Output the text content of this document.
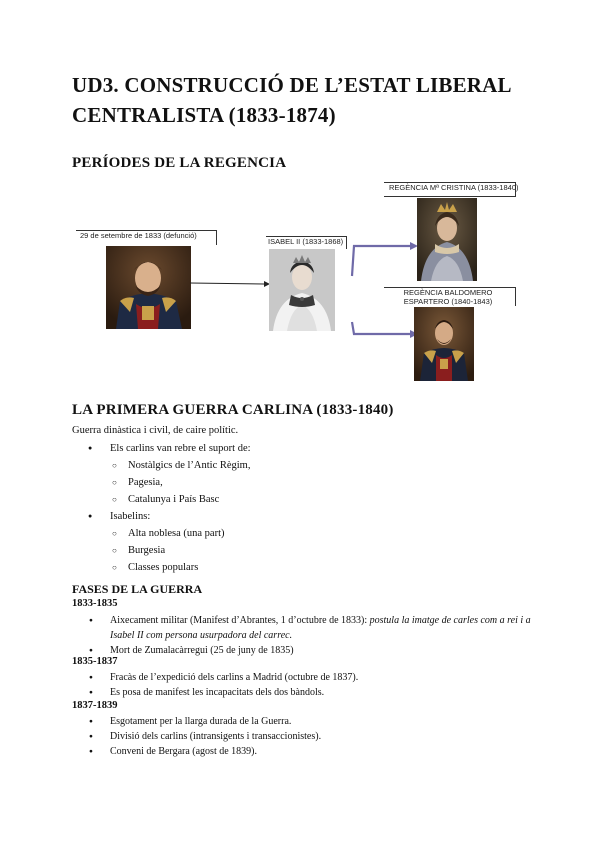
UD3. CONSTRUCCIÓ DE L’ESTAT LIBERAL CENTRALISTA (1833-1874)
PERÍODES DE LA REGENCIA
29 de setembre de 1833 (defunció)
ISABEL II (1833-1868)
REGÈNCIA Mª CRISTINA (1833-1840)
REGÈNCIA BALDOMERO ESPARTERO (1840-1843)
LA PRIMERA GUERRA CARLINA (1833-1840)
Guerra dinàstica i civil, de caire polític.
● Els carlins van rebre el suport de:
○ Nostàlgics de l’Antic Règim,
○ Pagesia,
○ Catalunya i País Basc
● Isabelins:
○ Alta noblesa (una part)
○ Burgesia
○ Classes populars
FASES DE LA GUERRA
1833-1835
● Aixecament militar (Manifest d’Abrantes, 1 d’octubre de 1833): postula la imatge de carles com a rei i a Isabel II com persona usurpadora del carrec.
● Mort de Zumalacàrregui (25 de juny de 1835)
1835-1837
● Fracàs de l’expedició dels carlins a Madrid (octubre de 1837).
● Es posa de manifest les incapacitats dels dos bàndols.
1837-1839
● Esgotament per la llarga durada de la Guerra.
● Divisió dels carlins (intransigents i transaccionistes).
● Conveni de Bergara (agost de 1839).
